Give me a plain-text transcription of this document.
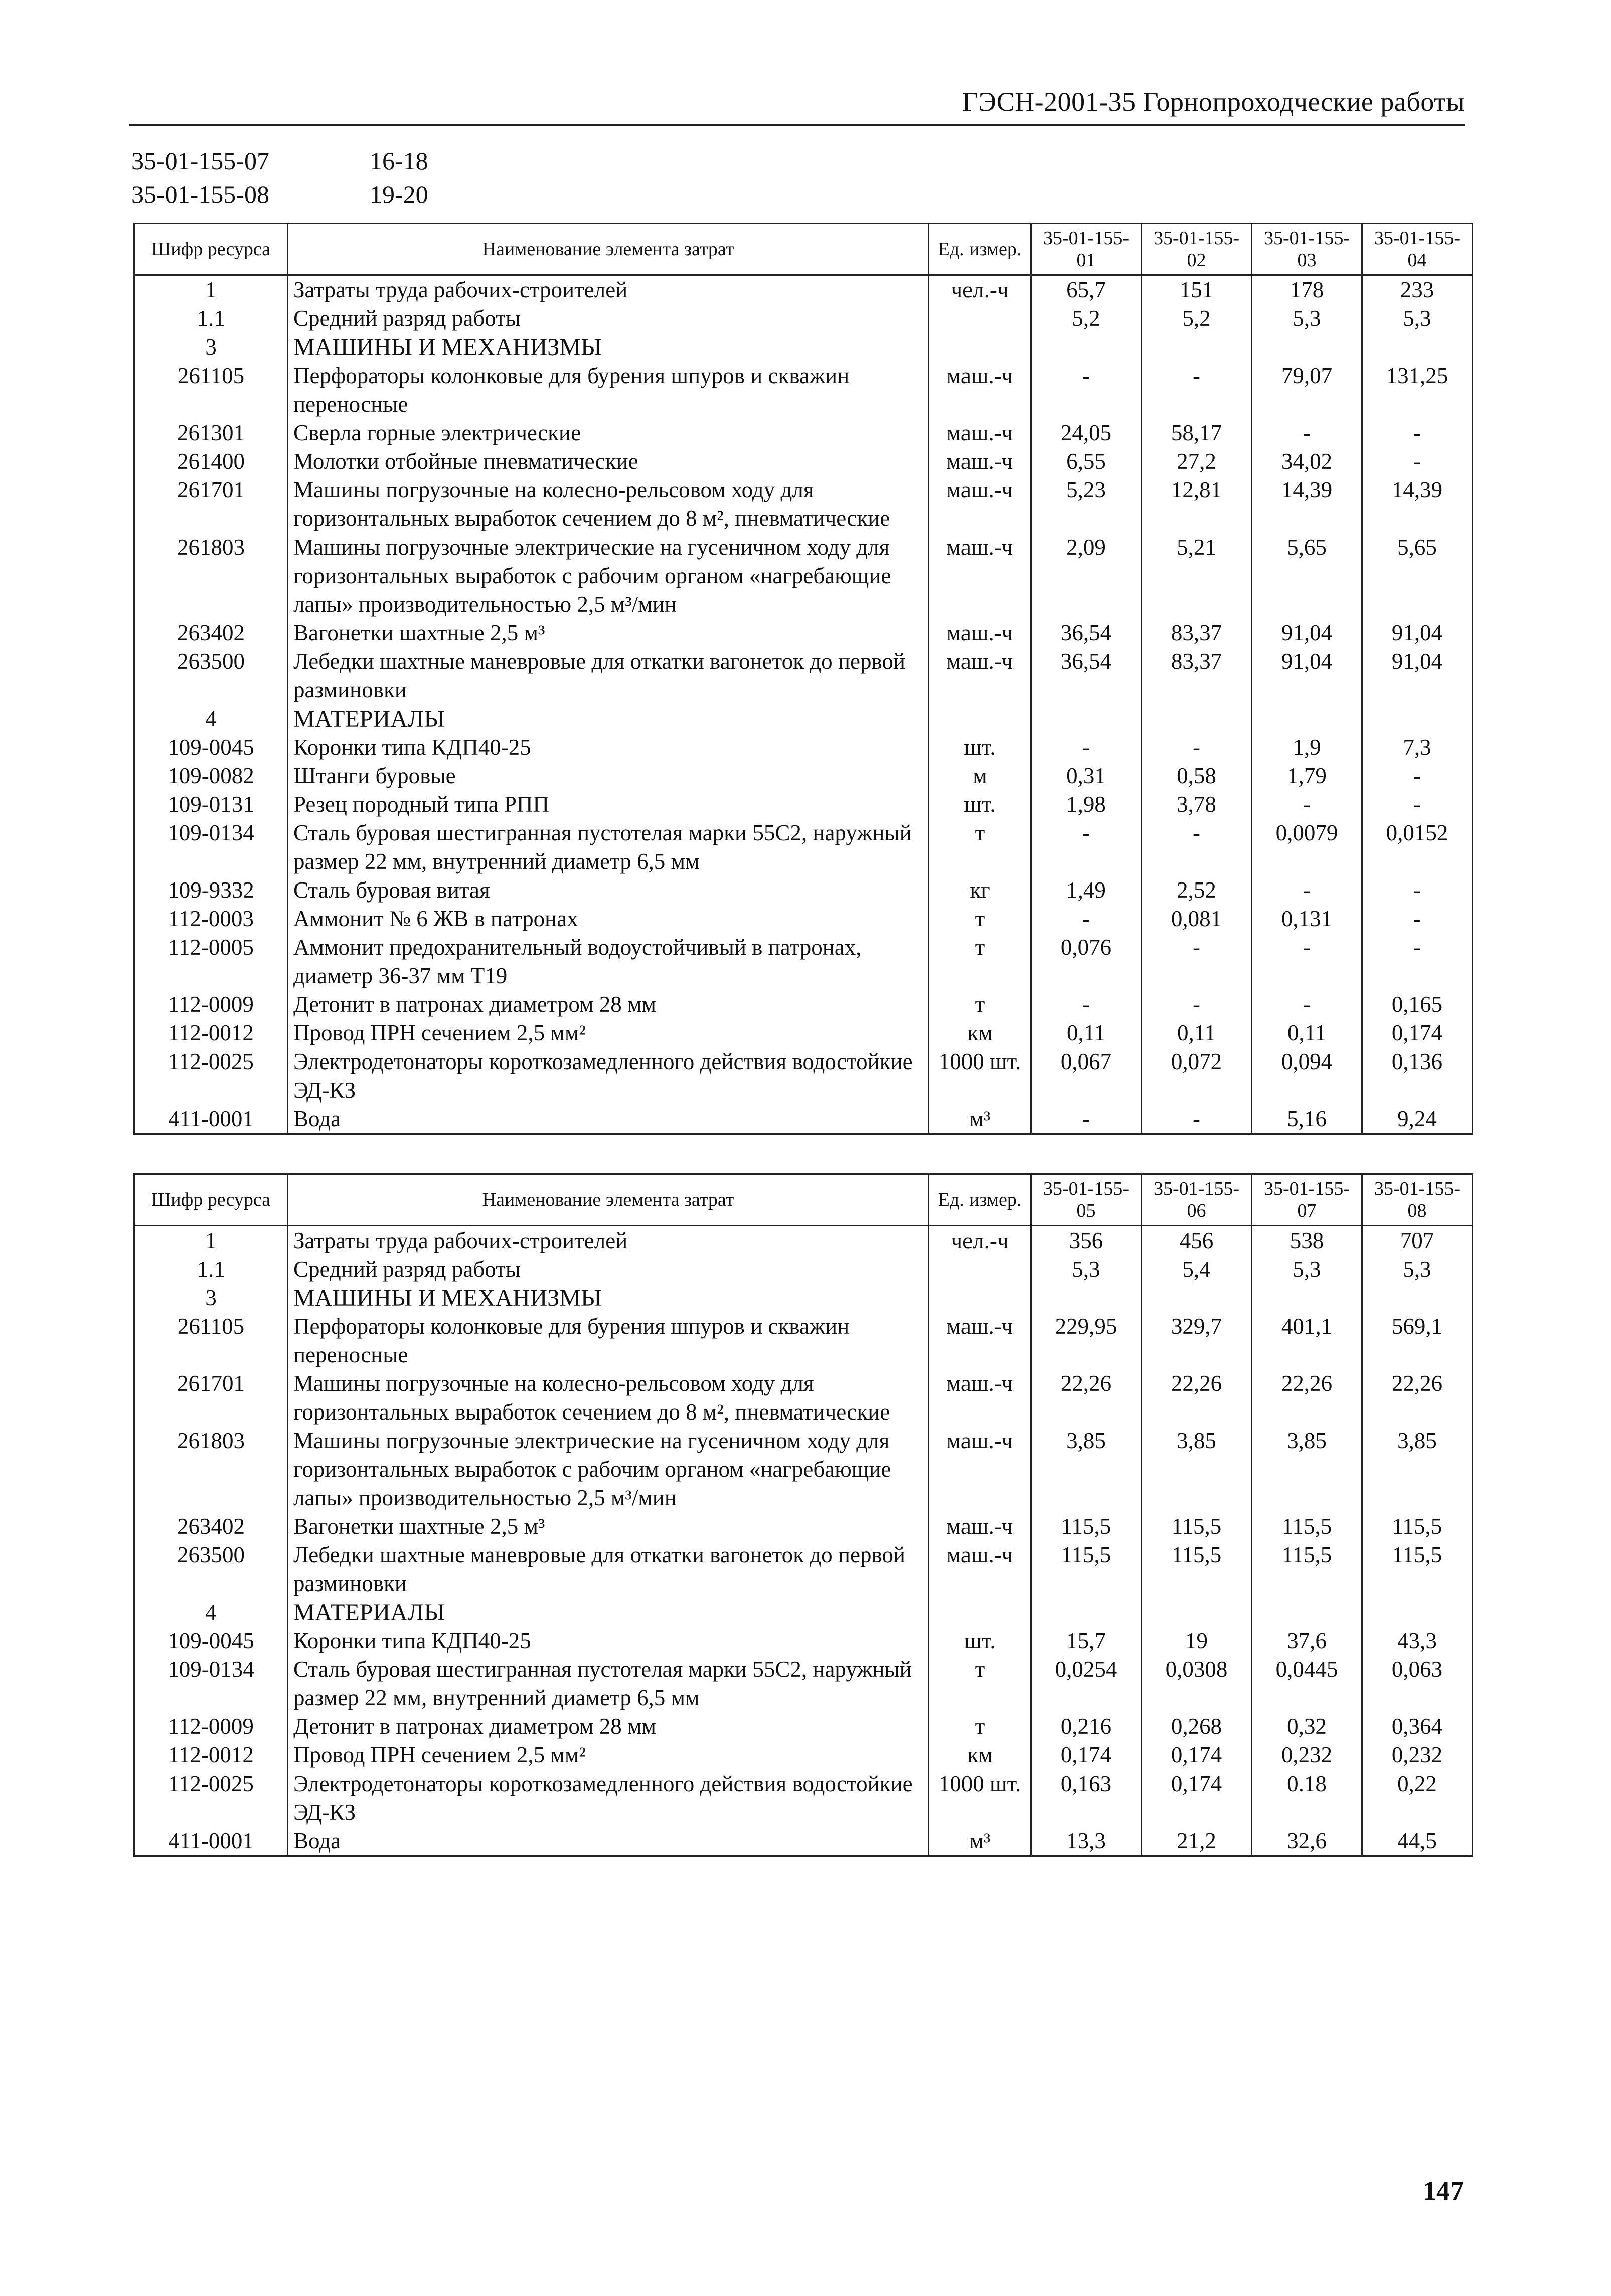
ГЭСН-2001-35 Горнопроходческие работы
35-01-155-07	16-18
35-01-155-08	19-20
Шифр ресурса	Наименование элемента затрат	Ед. измер.	35-01-155-01	35-01-155-02	35-01-155-03	35-01-155-04
1	Затраты труда рабочих-строителей	чел.-ч	65,7	151	178	233
1.1	Средний разряд работы		5,2	5,2	5,3	5,3
3	МАШИНЫ И МЕХАНИЗМЫ					
261105	Перфораторы колонковые для бурения шпуров и скважин переносные	маш.-ч	-	-	79,07	131,25
261301	Сверла горные электрические	маш.-ч	24,05	58,17	-	-
261400	Молотки отбойные пневматические	маш.-ч	6,55	27,2	34,02	-
261701	Машины погрузочные на колесно-рельсовом ходу для горизонтальных выработок сечением до 8 м², пневматические	маш.-ч	5,23	12,81	14,39	14,39
261803	Машины погрузочные электрические на гусеничном ходу для горизонтальных выработок с рабочим органом «нагребающие лапы» производительностью 2,5 м³/мин	маш.-ч	2,09	5,21	5,65	5,65
263402	Вагонетки шахтные 2,5 м³	маш.-ч	36,54	83,37	91,04	91,04
263500	Лебедки шахтные маневровые для откатки вагонеток до первой разминовки	маш.-ч	36,54	83,37	91,04	91,04
4	МАТЕРИАЛЫ					
109-0045	Коронки типа КДП40-25	шт.	-	-	1,9	7,3
109-0082	Штанги буровые	м	0,31	0,58	1,79	-
109-0131	Резец породный типа РПП	шт.	1,98	3,78	-	-
109-0134	Сталь буровая шестигранная пустотелая марки 55С2, наружный размер 22 мм, внутренний диаметр 6,5 мм	т	-	-	0,0079	0,0152
109-9332	Сталь буровая витая	кг	1,49	2,52	-	-
112-0003	Аммонит № 6 ЖВ в патронах	т	-	0,081	0,131	-
112-0005	Аммонит предохранительный водоустойчивый в патронах, диаметр 36-37 мм Т19	т	0,076	-	-	-
112-0009	Детонит в патронах диаметром 28 мм	т	-	-	-	0,165
112-0012	Провод ПРН сечением 2,5 мм²	км	0,11	0,11	0,11	0,174
112-0025	Электродетонаторы короткозамедленного действия водостойкие ЭД-КЗ	1000 шт.	0,067	0,072	0,094	0,136
411-0001	Вода	м³	-	-	5,16	9,24
Шифр ресурса	Наименование элемента затрат	Ед. измер.	35-01-155-05	35-01-155-06	35-01-155-07	35-01-155-08
1	Затраты труда рабочих-строителей	чел.-ч	356	456	538	707
1.1	Средний разряд работы		5,3	5,4	5,3	5,3
3	МАШИНЫ И МЕХАНИЗМЫ					
261105	Перфораторы колонковые для бурения шпуров и скважин переносные	маш.-ч	229,95	329,7	401,1	569,1
261701	Машины погрузочные на колесно-рельсовом ходу для горизонтальных выработок сечением до 8 м², пневматические	маш.-ч	22,26	22,26	22,26	22,26
261803	Машины погрузочные электрические на гусеничном ходу для горизонтальных выработок с рабочим органом «нагребающие лапы» производительностью 2,5 м³/мин	маш.-ч	3,85	3,85	3,85	3,85
263402	Вагонетки шахтные 2,5 м³	маш.-ч	115,5	115,5	115,5	115,5
263500	Лебедки шахтные маневровые для откатки вагонеток до первой разминовки	маш.-ч	115,5	115,5	115,5	115,5
4	МАТЕРИАЛЫ					
109-0045	Коронки типа КДП40-25	шт.	15,7	19	37,6	43,3
109-0134	Сталь буровая шестигранная пустотелая марки 55С2, наружный размер 22 мм, внутренний диаметр 6,5 мм	т	0,0254	0,0308	0,0445	0,063
112-0009	Детонит в патронах диаметром 28 мм	т	0,216	0,268	0,32	0,364
112-0012	Провод ПРН сечением 2,5 мм²	км	0,174	0,174	0,232	0,232
112-0025	Электродетонаторы короткозамедленного действия водостойкие ЭД-КЗ	1000 шт.	0,163	0,174	0.18	0,22
411-0001	Вода	м³	13,3	21,2	32,6	44,5
147
